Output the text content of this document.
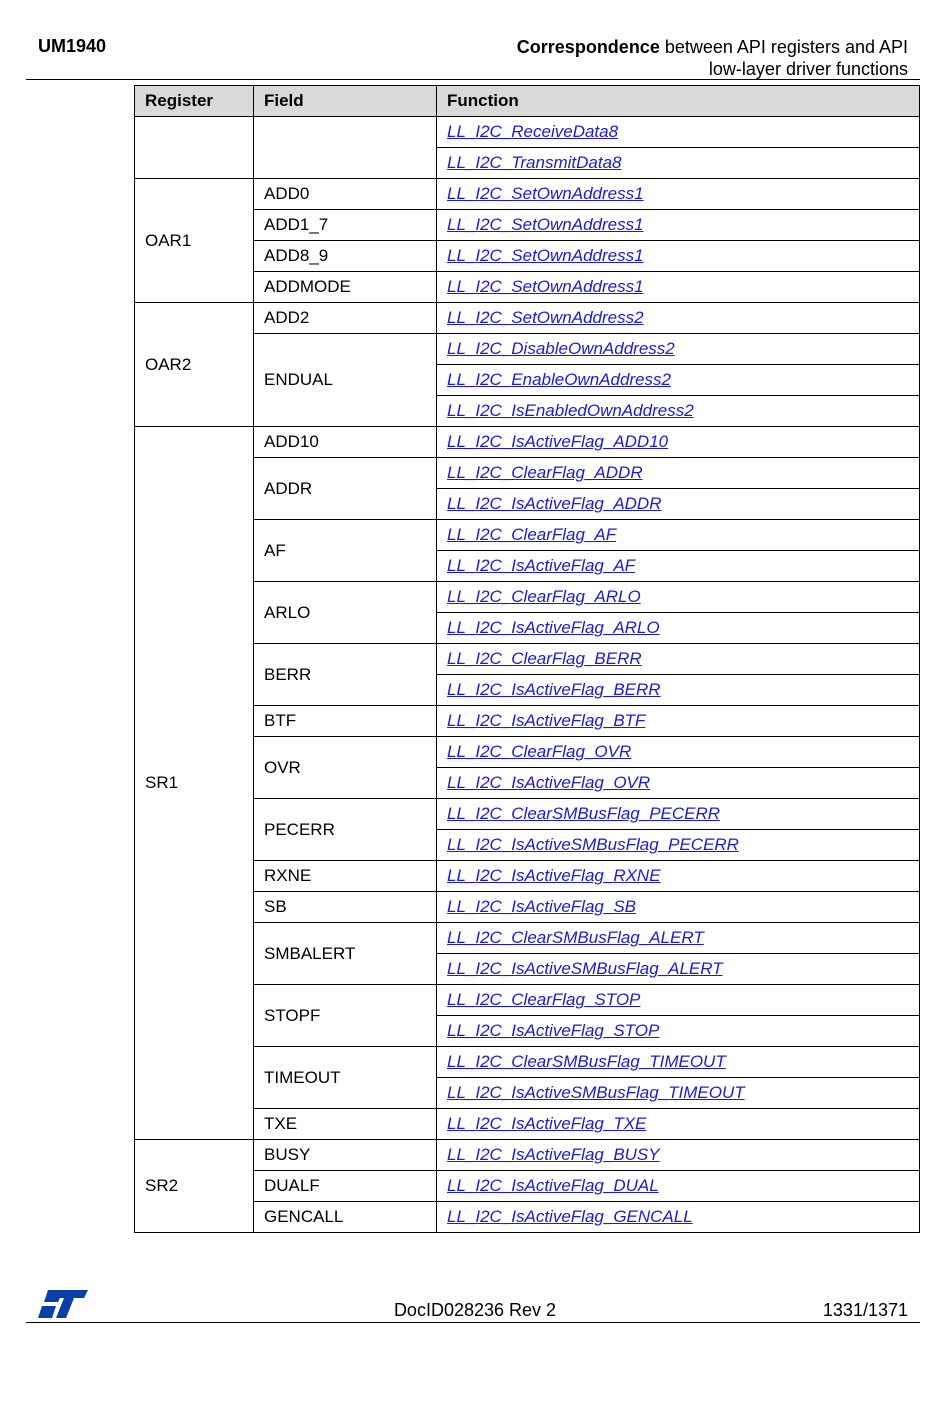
UM1940	Correspondence between API registers and API
low-layer driver functions
Register	Field	Function
		LL_I2C_ReceiveData8
		LL_I2C_TransmitData8
OAR1	ADD0	LL_I2C_SetOwnAddress1
	ADD1_7	LL_I2C_SetOwnAddress1
	ADD8_9	LL_I2C_SetOwnAddress1
	ADDMODE	LL_I2C_SetOwnAddress1
OAR2	ADD2	LL_I2C_SetOwnAddress2
	ENDUAL	LL_I2C_DisableOwnAddress2
		LL_I2C_EnableOwnAddress2
		LL_I2C_IsEnabledOwnAddress2
SR1	ADD10	LL_I2C_IsActiveFlag_ADD10
	ADDR	LL_I2C_ClearFlag_ADDR
		LL_I2C_IsActiveFlag_ADDR
	AF	LL_I2C_ClearFlag_AF
		LL_I2C_IsActiveFlag_AF
	ARLO	LL_I2C_ClearFlag_ARLO
		LL_I2C_IsActiveFlag_ARLO
	BERR	LL_I2C_ClearFlag_BERR
		LL_I2C_IsActiveFlag_BERR
	BTF	LL_I2C_IsActiveFlag_BTF
	OVR	LL_I2C_ClearFlag_OVR
		LL_I2C_IsActiveFlag_OVR
	PECERR	LL_I2C_ClearSMBusFlag_PECERR
		LL_I2C_IsActiveSMBusFlag_PECERR
	RXNE	LL_I2C_IsActiveFlag_RXNE
	SB	LL_I2C_IsActiveFlag_SB
	SMBALERT	LL_I2C_ClearSMBusFlag_ALERT
		LL_I2C_IsActiveSMBusFlag_ALERT
	STOPF	LL_I2C_ClearFlag_STOP
		LL_I2C_IsActiveFlag_STOP
	TIMEOUT	LL_I2C_ClearSMBusFlag_TIMEOUT
		LL_I2C_IsActiveSMBusFlag_TIMEOUT
	TXE	LL_I2C_IsActiveFlag_TXE
SR2	BUSY	LL_I2C_IsActiveFlag_BUSY
	DUALF	LL_I2C_IsActiveFlag_DUAL
	GENCALL	LL_I2C_IsActiveFlag_GENCALL
ST
DocID028236 Rev 2	1331/1371
